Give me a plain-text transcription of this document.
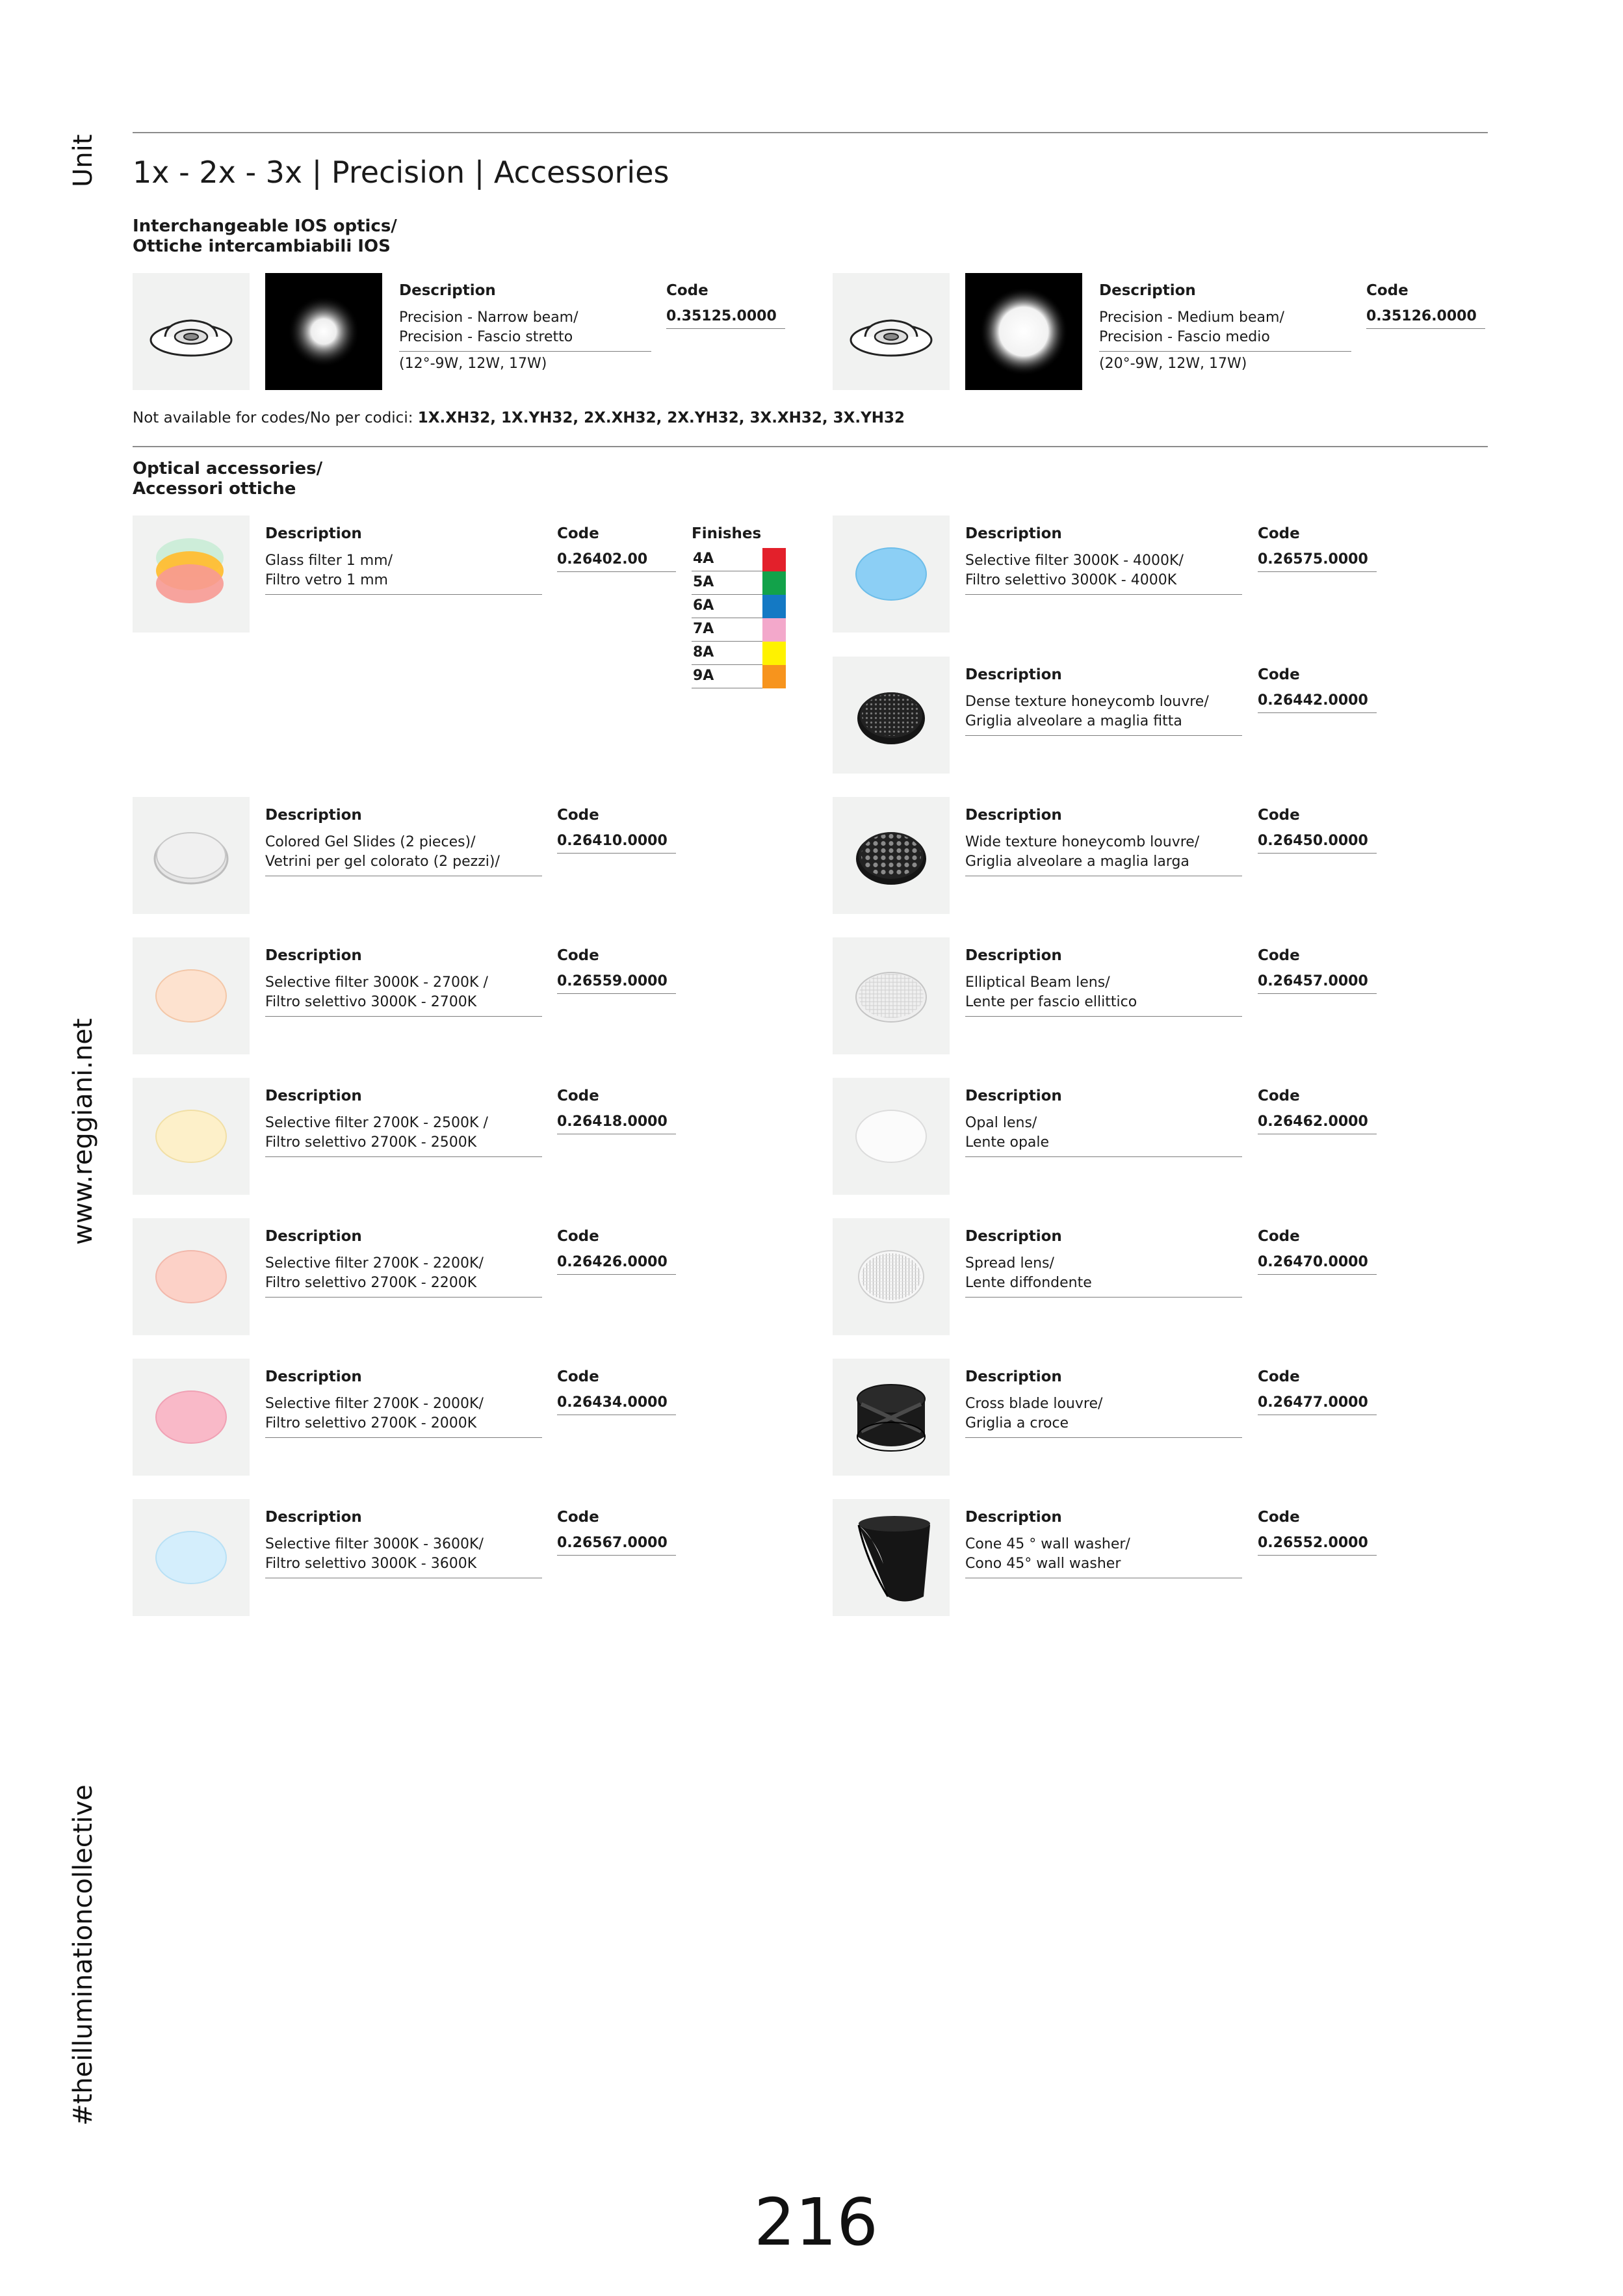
Unit
www.reggiani.net
#theilluminationcollective
1x - 2x - 3x | Precision | Accessories
Interchangeable IOS optics/
Ottiche intercambiabili IOS
Description
Precision - Narrow beam/
Precision - Fascio stretto
(12°-9W, 12W, 17W)
Code
0.35125.0000
Description
Precision - Medium beam/
Precision - Fascio medio
(20°-9W, 12W, 17W)
Code
0.35126.0000
Not available for codes/No per codici: 1X.XH32, 1X.YH32, 2X.XH32, 2X.YH32, 3X.XH32, 3X.YH32
Optical accessories/
Accessori ottiche
Description
Glass filter 1 mm/
Filtro vetro 1 mm
Code
0.26402.00
Finishes
4A
5A
6A
7A
8A
9A
Description
Colored Gel Slides (2 pieces)/
Vetrini per gel colorato (2 pezzi)/
Code
0.26410.0000
Description
Selective filter 3000K - 2700K /
Filtro selettivo 3000K - 2700K
Code
0.26559.0000
Description
Selective filter 2700K - 2500K /
Filtro selettivo 2700K - 2500K
Code
0.26418.0000
Description
Selective filter 2700K - 2200K/
Filtro selettivo 2700K - 2200K
Code
0.26426.0000
Description
Selective filter 2700K - 2000K/
Filtro selettivo 2700K - 2000K
Code
0.26434.0000
Description
Selective filter 3000K - 3600K/
Filtro selettivo 3000K - 3600K
Code
0.26567.0000
Description
Selective filter 3000K - 4000K/
Filtro selettivo 3000K - 4000K
Code
0.26575.0000
Description
Dense texture honeycomb louvre/
Griglia alveolare a maglia fitta
Code
0.26442.0000
Description
Wide texture honeycomb louvre/
Griglia alveolare a maglia larga
Code
0.26450.0000
Description
Elliptical Beam lens/
Lente per fascio ellittico
Code
0.26457.0000
Description
Opal lens/
Lente opale
Code
0.26462.0000
Description
Spread lens/
Lente diffondente
Code
0.26470.0000
Description
Cross blade louvre/
Griglia a croce
Code
0.26477.0000
Description
Cone 45 ° wall washer/
Cono 45° wall washer
Code
0.26552.0000
216
